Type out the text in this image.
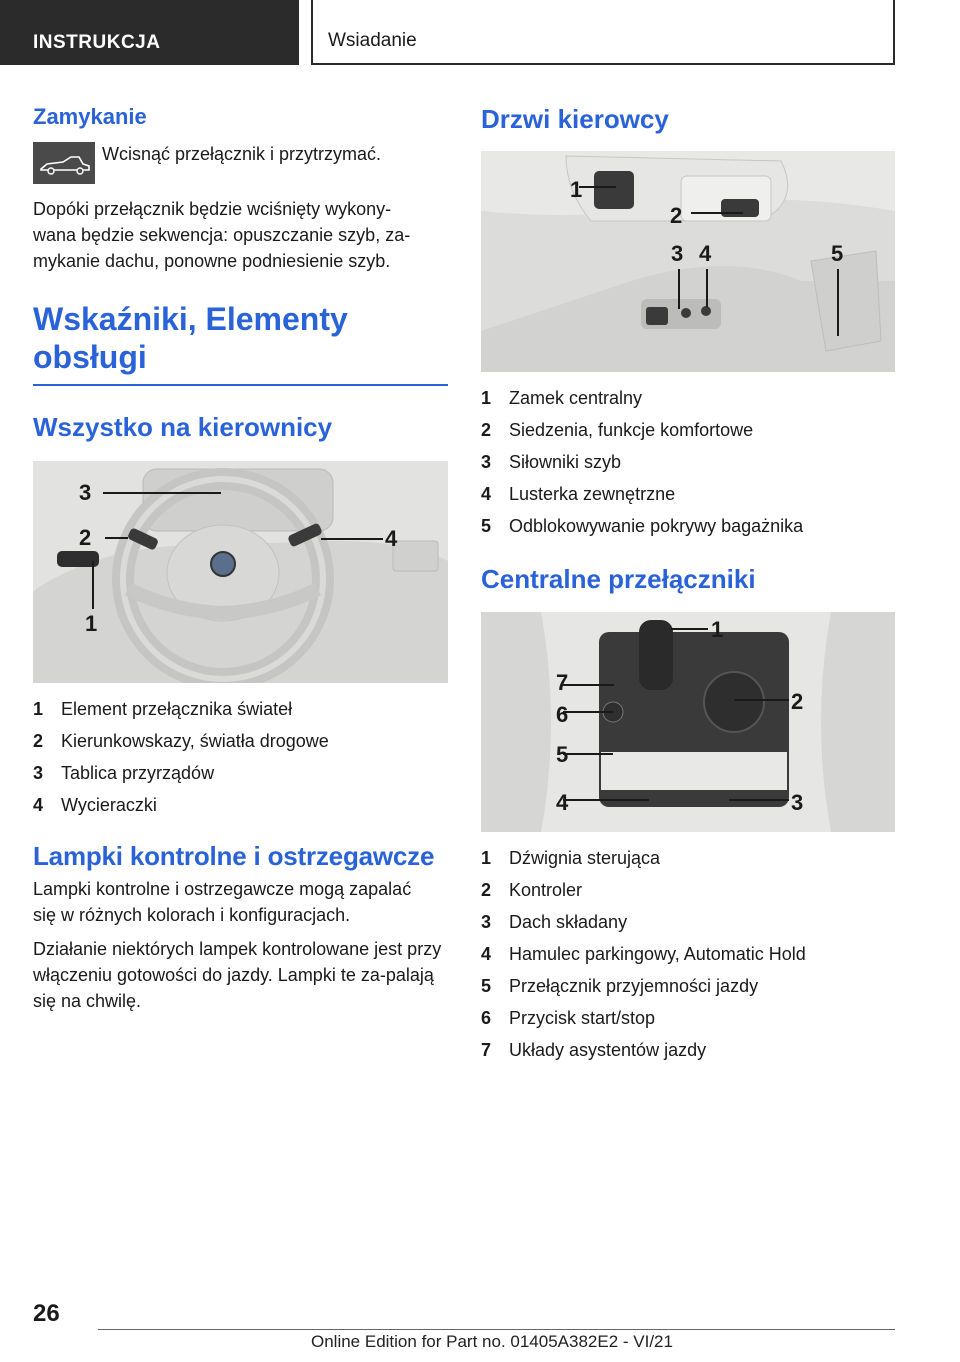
INSTRUKCJA	Wsiadanie
Zamykanie

Wcisnąć przełącznik i przytrzymać.

Dopóki przełącznik będzie wciśnięty wykony-wana będzie sekwencja: opuszczanie szyb, za-mykanie dachu, ponowne podniesienie szyb.

Wskaźniki, Elementy
obsługi
Wszystko na kierownicy
3
2	4
1
1 Element przełącznika świateł
2 Kierunkowskazy, światła drogowe
3 Tablica przyrządów
4 Wycieraczki
Lampki kontrolne i ostrzegawcze

Lampki kontrolne i ostrzegawcze mogą zapalać się w różnych kolorach i konfiguracjach.

Działanie niektórych lampek kontrolowane jest przy włączeniu gotowości do jazdy. Lampki te za-palają się na chwilę.

Drzwi kierowcy
1
2
3 4	5
1 Zamek centralny
2 Siedzenia, funkcje komfortowe
3 Siłowniki szyb
4 Lusterka zewnętrzne
5 Odblokowywanie pokrywy bagażnika
Centralne przełączniki
1
7
2
6
5
4	3
1 Dźwignia sterująca
2 Kontroler
3 Dach składany
4 Hamulec parkingowy, Automatic Hold
5 Przełącznik przyjemności jazdy
6 Przycisk start/stop
7 Układy asystentów jazdy
26
Online Edition for Part no. 01405A382E2 - VI/21
